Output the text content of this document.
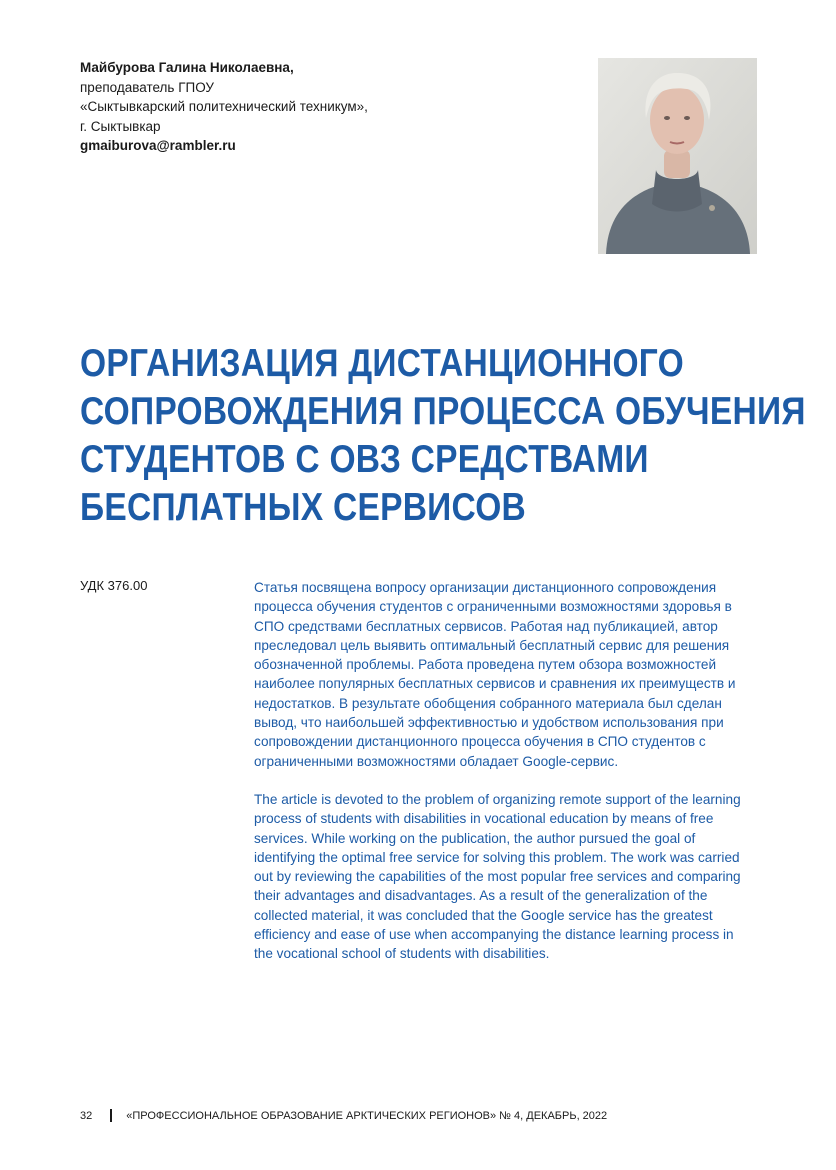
Майбурова Галина Николаевна,
преподаватель ГПОУ
«Сыктывкарский политехнический техникум»,
г. Сыктывкар
gmaiburova@rambler.ru
ОРГАНИЗАЦИЯ ДИСТАНЦИОННОГО
СОПРОВОЖДЕНИЯ ПРОЦЕССА ОБУЧЕНИЯ
СТУДЕНТОВ С ОВЗ СРЕДСТВАМИ
БЕСПЛАТНЫХ СЕРВИСОВ
УДК 376.00	Статья посвящена вопросу организации дистанционного сопровождения процесса обучения студентов с ограниченными возможностями здоровья в СПО средствами бесплатных сервисов. Работая над публикацией, автор преследовал цель выявить оптимальный бесплатный сервис для решения обозначенной проблемы. Работа проведена путем обзора возможностей наиболее популярных бесплатных сервисов и сравнения их преимуществ и недостатков. В результате обобщения собранного материала был сделан вывод, что наибольшей эффективностью и удобством использования при сопровождении дистанционного процесса обучения в СПО студентов с ограниченными возможностями обладает Google-сервис.

The article is devoted to the problem of organizing remote support of the learning process of students with disabilities in vocational education by means of free services. While working on the publication, the author pursued the goal of identifying the optimal free service for solving this problem. The work was carried out by reviewing the capabilities of the most popular free services and comparing their advantages and disadvantages. As a result of the generalization of the collected material, it was concluded that the Google service has the greatest efficiency and ease of use when accompanying the distance learning process in the vocational school of students with disabilities.

32	«ПРОФЕССИОНАЛЬНОЕ ОБРАЗОВАНИЕ АРКТИЧЕСКИХ РЕГИОНОВ» № 4, ДЕКАБРЬ, 2022
